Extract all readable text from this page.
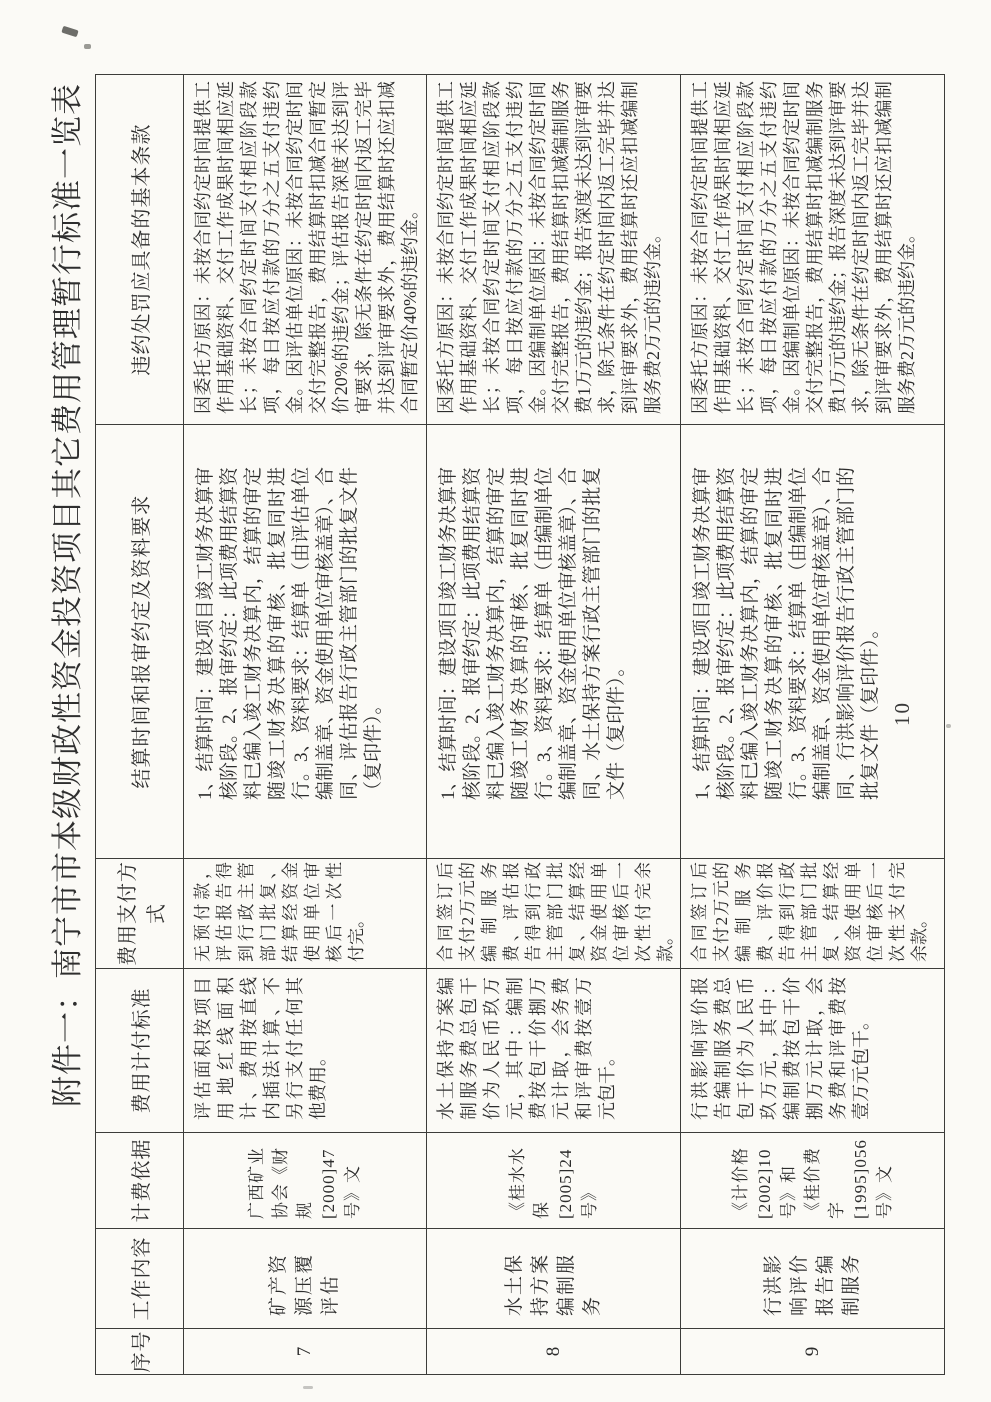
附件一：南宁市市本级财政性资金投资项目其它费用管理暂行标准一览表
序号	工作内容	计费依据	费用计付标准	费用支付方式	结算时间和报审约定及资料要求	违约处罚应具备的基本条款
7	矿产资源压覆评估	广西矿业协会《财规[2000]47号》文	评估面积按项目用地红线面积计、费用按直线内插法计算、不另行支付任何其他费用。	无预付款，评估报告得到行政主管部门批复、结算经资金使用单位审核后一次性付完。	1、结算时间：建设项目竣工财务决算审核阶段。2、报审约定：此项费用结算资料已编入竣工财务决算内，结算的审定随竣工财务决算的审核、批复同时进行。3、资料要求：结算单（由评估单位编制盖章、资金使用单位审核盖章）、合同、评估报告行政主管部门的批复文件（复印件）。	因委托方原因：未按合同约定时间提供工作用基础资料、交付工作成果时间相应延长；未按合同约定时间支付相应阶段款项，每日按应付款的万分之五支付违约金。因评估单位原因：未按合同约定时间交付完整报告，费用结算时扣减合同暂定价20%的违约金；评估报告深度未达到评审要求，除无条件在约定时间内返工完毕并达到评审要求外，费用结算时还应扣减合同暂定价40%的违约金。
8	水土保持方案编制服务	《桂水水保[2005]24号》	水土保持方案编制服务费总包干价为人民币玖万元，其中：编制费按包干价捌万元计取，会务费和评审费按壹万元包干。	合同签订后支付2万元的编制服务费、评估报告得到行政主管部门批复、结算经资金使用单位审核后一次性付完余款。	1、结算时间：建设项目竣工财务决算审核阶段。2、报审约定：此项费用结算资料已编入竣工财务决算内，结算的审定随竣工财务决算的审核、批复同时进行。3、资料要求：结算单（由编制单位编制盖章、资金使用单位审核盖章）、合同、水土保持方案行政主管部门的批复文件（复印件）。	因委托方原因：未按合同约定时间提供工作用基础资料、交付工作成果时间相应延长；未按合同约定时间支付相应阶段款项，每日按应付款的万分之五支付违约金。因编制单位原因：未按合同约定时间交付完整报告，费用结算时扣减编制服务费1万元的违约金；报告深度未达到评审要求，除无条件在约定时间内返工完毕并达到评审要求外，费用结算时还应扣减编制服务费2万元的违约金。
9	行洪影响评价报告编制服务	《计价格[2002]10号》和《桂价费字[1995]056号》文	行洪影响评价报告编制服务费总包干价为人民币玖万元，其中：编制费按包干价捌万元计取，会务费和评审费按壹万元包干。	合同签订后支付2万元的编制服务费、评价报告得到行政主管部门批复、结算经资金使用单位审核后一次性支付完余款。	1、结算时间：建设项目竣工财务决算审核阶段。2、报审约定：此项费用结算资料已编入竣工财务决算内，结算的审定随竣工财务决算的审核、批复同时进行。3、资料要求：结算单（由编制单位编制盖章、资金使用单位审核盖章）、合同、行洪影响评价报告行政主管部门的批复文件（复印件）。	因委托方原因：未按合同约定时间提供工作用基础资料、交付工作成果时间相应延长；未按合同约定时间支付相应阶段款项，每日按应付款的万分之五支付违约金。因编制单位原因：未按合同约定时间交付完整报告，费用结算时扣减编制服务费1万元的违约金；报告深度未达到评审要求，除无条件在约定时间内返工完毕并达到评审要求外，费用结算时还应扣减编制服务费2万元的违约金。
10
